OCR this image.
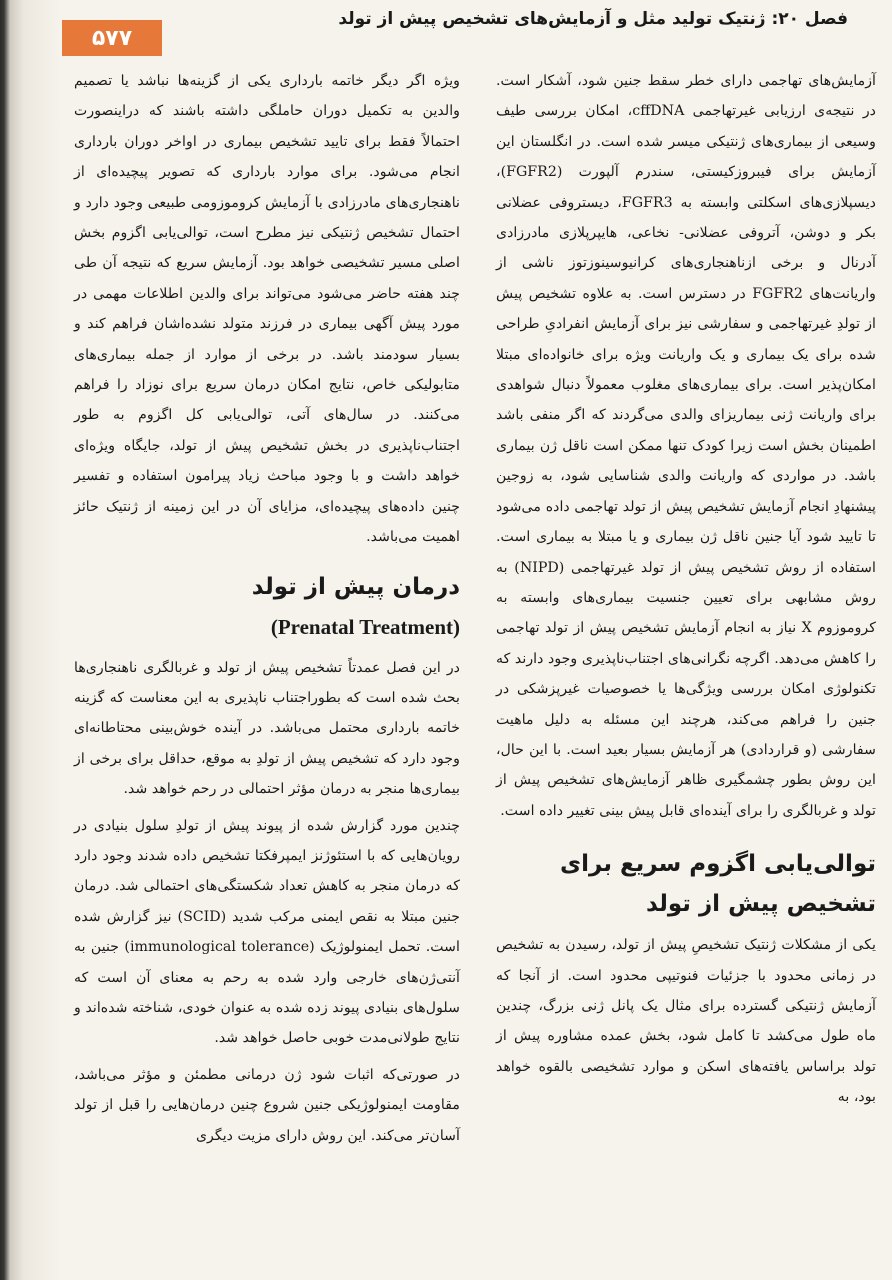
۵۷۷
فصل ۲۰: ژنتیک تولید مثل و آزمایش‌های تشخیص پیش از تولد

آزمایش‌های تهاجمی دارای خطر سقط جنین شود، آشکار است. در نتیجه‌ی ارزیابی غیرتهاجمی cffDNA، امکان بررسی طیف وسیعی از بیماری‌های ژنتیکی میسر شده است. در انگلستان این آزمایش برای فیبروزکیستی، سندرم آلپورت (FGFR2)، دیسپلازی‌های اسکلتی وابسته به FGFR3، دیستروفی عضلانی بکر و دوشن، آتروفی عضلانی- نخاعی، هایپرپلازی مادرزادی آدرنال و برخی ازناهنجاری‌های کرانیوسینوزتوز ناشی از واریانت‌های FGFR2 در دسترس است. به علاوه تشخیص پیش از تولدِ غیرتهاجمی و سفارشی نیز برای آزمایش انفرادیِ طراحی شده برای یک بیماری و یک واریانت ویژه برای خانواده‌ای مبتلا امکان‌پذیر است. برای بیماری‌های مغلوب معمولاً دنبال شواهدی برای واریانت ژنی بیماریزای والدی می‌گردند که اگر منفی باشد اطمینان بخش است زیرا کودک تنها ممکن است ناقل ژن بیماری باشد. در مواردی که واریانت والدی شناسایی شود، به زوجین پیشنهادِ انجام آزمایش تشخیص پیش از تولد تهاجمی داده می‌شود تا تایید شود آیا جنین ناقل ژن بیماری و یا مبتلا به بیماری است. استفاده از روش تشخیص پیش از تولد غیرتهاجمی (NIPD) به روش مشابهی برای تعیین جنسیت بیماری‌های وابسته به کروموزوم X نیاز به انجام آزمایش تشخیص پیش از تولد تهاجمی را کاهش می‌دهد. اگرچه نگرانی‌های اجتناب‌ناپذیری وجود دارند که تکنولوژی امکان بررسی ویژگی‌ها یا خصوصیات غیرپزشکی در جنین را فراهم می‌کند، هرچند این مسئله به دلیل ماهیت سفارشی (و قراردادی) هر آزمایش بسیار بعید است. با این حال، این روش بطور چشمگیری ظاهر آزمایش‌های تشخیص پیش از تولد و غربالگری را برای آینده‌ای قابل پیش بینی تغییر داده است.

توالی‌یابی اگزوم سریع برای تشخیص پیش از تولد

یکی از مشکلات ژنتیک تشخیصِ پیش از تولد، رسیدن به تشخیص در زمانی محدود با جزئیات فنوتیپی محدود است. از آنجا که آزمایش ژنتیکی گسترده برای مثال یک پانل ژنی بزرگ، چندین ماه طول می‌کشد تا کامل شود، بخش عمده مشاوره پیش از تولد براساس یافته‌های اسکن و موارد تشخیصی بالقوه خواهد بود، به

ویژه اگر دیگر خاتمه بارداری یکی از گزینه‌ها نباشد یا تصمیم والدین به تکمیل دوران حاملگی داشته باشند که دراینصورت احتمالاً فقط برای تایید تشخیص بیماری در اواخر دوران بارداری انجام می‌شود. برای موارد بارداری که تصویر پیچیده‌ای از ناهنجاری‌های مادرزادی با آزمایش کروموزومی طبیعی وجود دارد و احتمال تشخیص ژنتیکی نیز مطرح است، توالی‌یابی اگزوم بخش اصلی مسیر تشخیصی خواهد بود. آزمایش سریع که نتیجه آن طی چند هفته حاضر می‌شود می‌تواند برای والدین اطلاعات مهمی در مورد پیش آگهی بیماری در فرزند متولد نشده‌اشان فراهم کند و بسیار سودمند باشد. در برخی از موارد از جمله بیماری‌های متابولیکی خاص، نتایج امکان درمان سریع برای نوزاد را فراهم می‌کنند. در سال‌های آتی، توالی‌یابی کل اگزوم به طور اجتناب‌ناپذیری در بخش تشخیص پیش از تولد، جایگاه ویژه‌ای خواهد داشت و با وجود مباحث زیاد پیرامون استفاده و تفسیر چنین داده‌های پیچیده‌ای، مزایای آن در این زمینه از ژنتیک حائز اهمیت می‌باشد.

درمان پیش از تولد
(Prenatal Treatment)

در این فصل عمدتاً تشخیص پیش از تولد و غربالگری ناهنجاری‌ها بحث شده است که بطوراجتناب ناپذیری به این معناست که گزینه خاتمه بارداری محتمل می‌باشد. در آینده خوش‌بینی محتاطانه‌ای وجود دارد که تشخیص پیش از تولدِ به موقع، حداقل برای برخی از بیماری‌ها منجر به درمان مؤثر احتمالی در رحم خواهد شد.

چندین مورد گزارش شده از پیوند پیش از تولدِ سلول بنیادی در رویان‌هایی که با استئوژنز ایمپرفکتا تشخیص داده شدند وجود دارد که درمان منجر به کاهش تعداد شکستگی‌های احتمالی شد. درمان جنین مبتلا به نقص ایمنی مرکب شدید (SCID) نیز گزارش شده است. تحمل ایمنولوژیک (immunological tolerance) جنین به آنتی‌ژن‌های خارجی وارد شده به رحم به معنای آن است که سلول‌های بنیادی پیوند زده شده به عنوان خودی، شناخته شده‌اند و نتایج طولانی‌مدت خوبی حاصل خواهد شد.

در صورتی‌که اثبات شود ژن درمانی مطمئن و مؤثر می‌باشد، مقاومت ایمنولوژیکی جنین شروع چنین درمان‌هایی را قبل از تولد آسان‌تر می‌کند. این روش دارای مزیت دیگری
